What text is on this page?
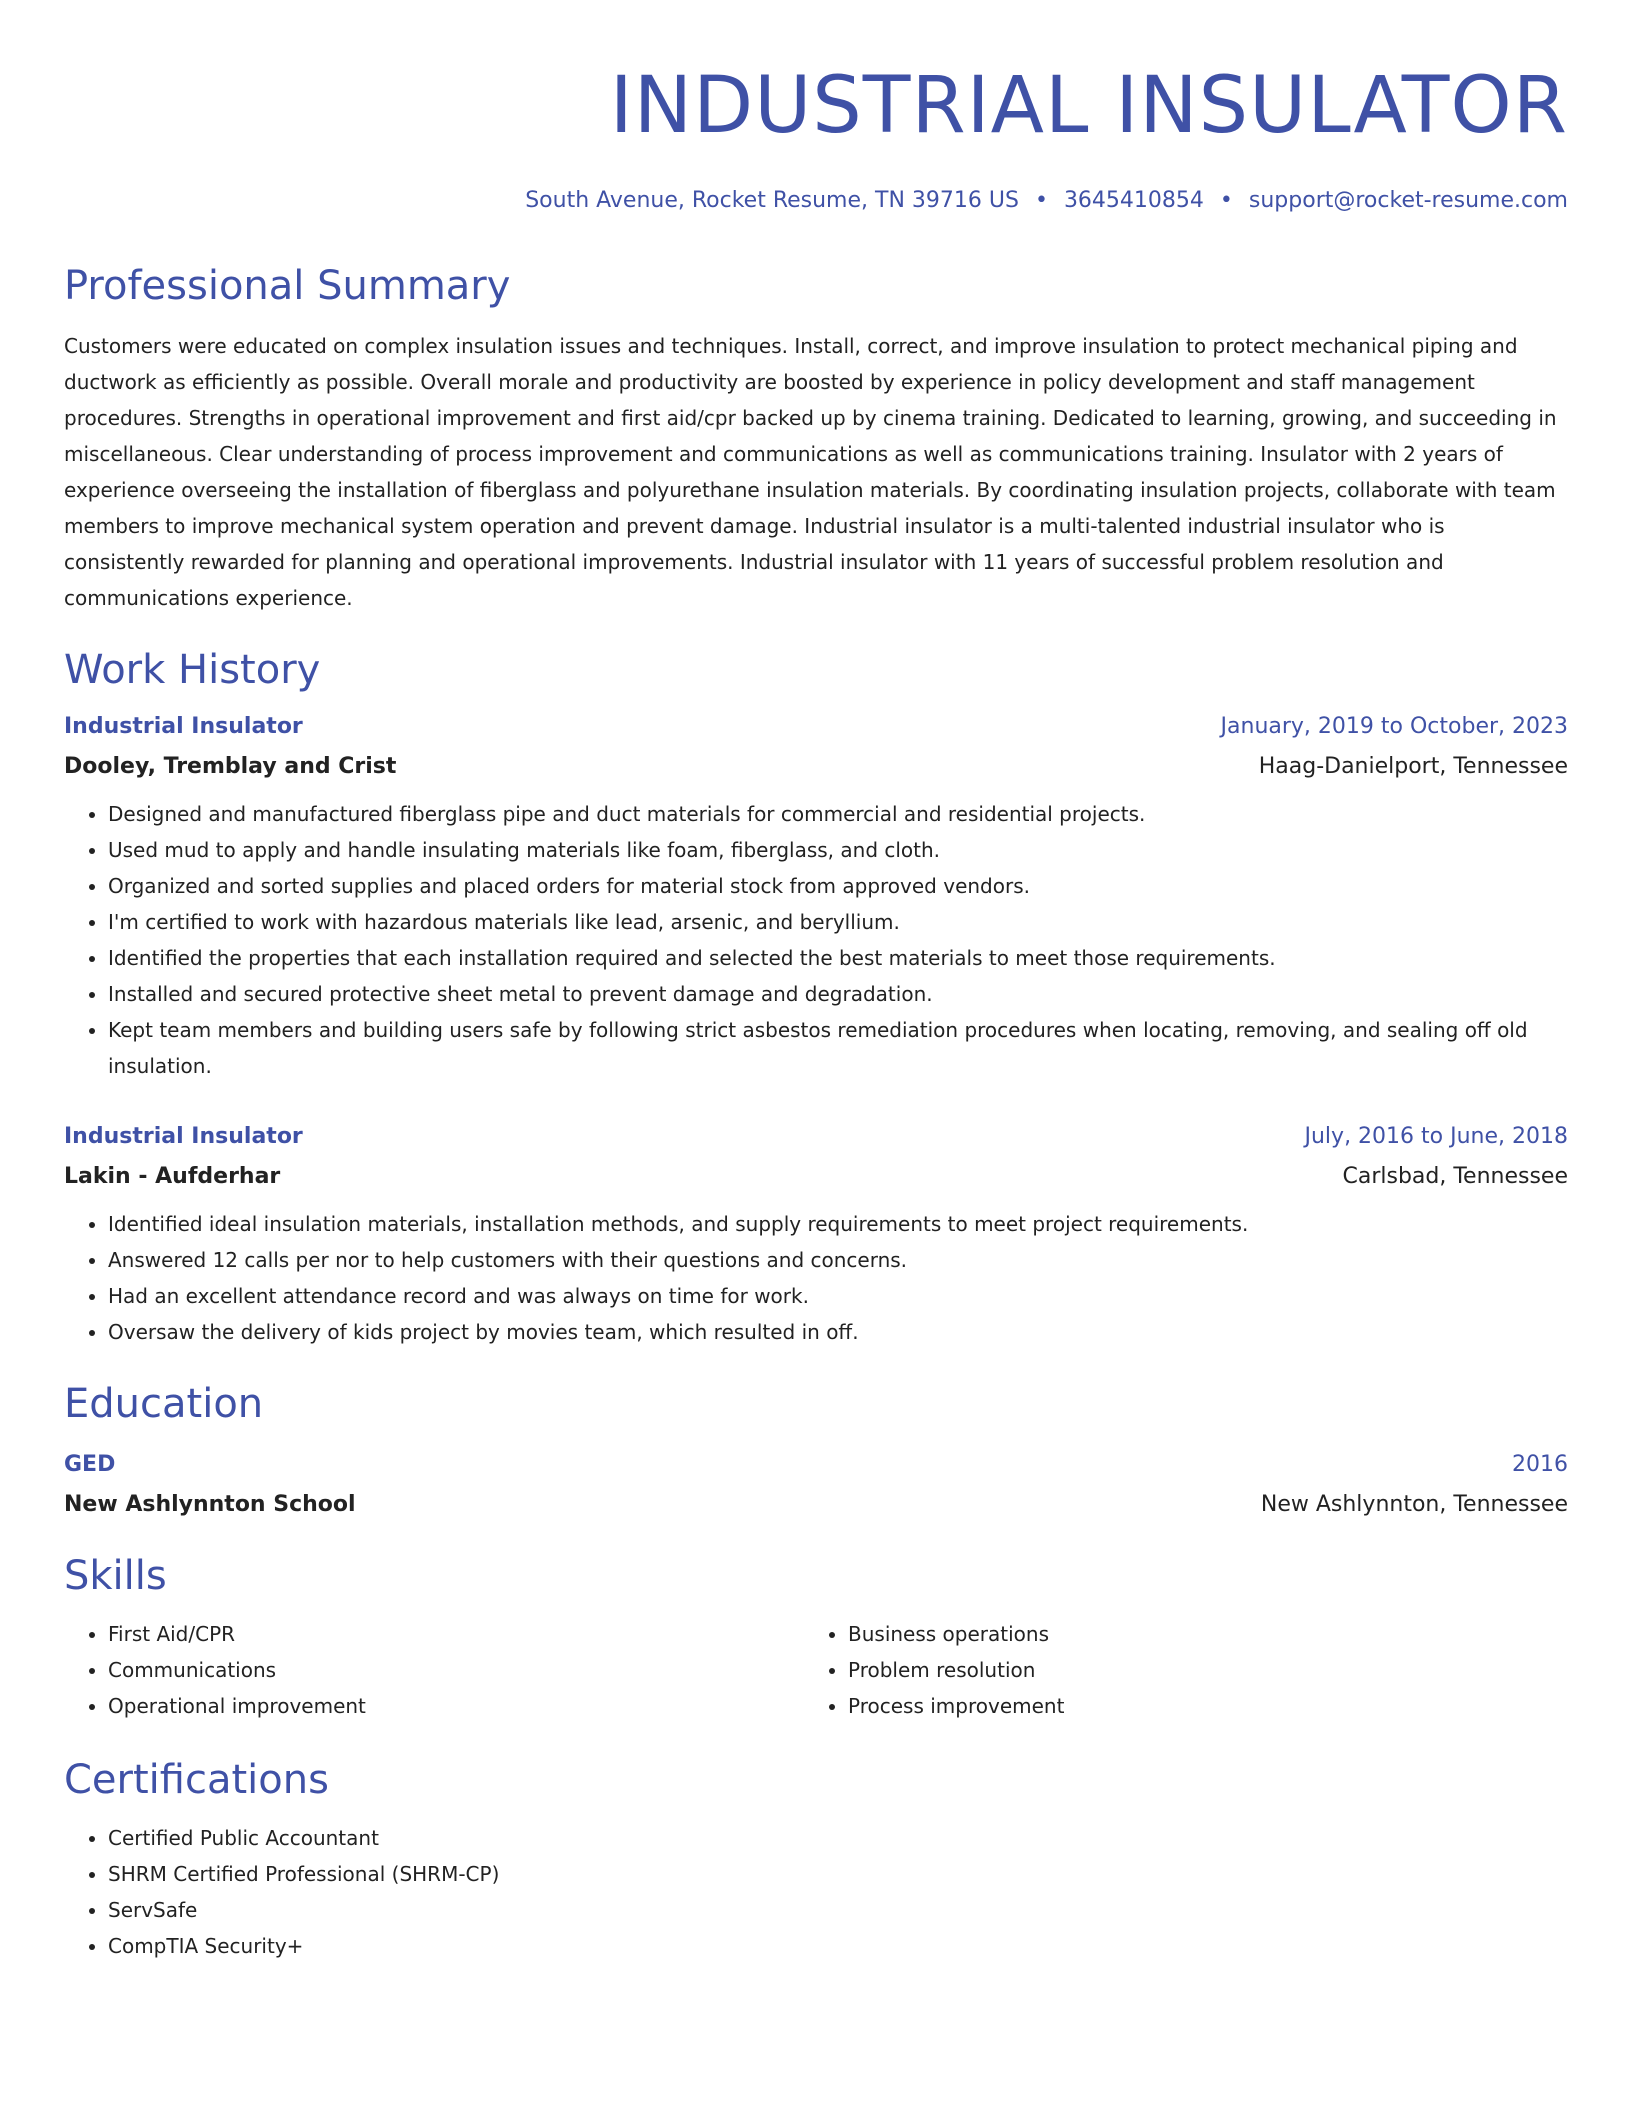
INDUSTRIAL INSULATOR
South Avenue, Rocket Resume, TN 39716 US • 3645410854 • support@rocket-resume.com
Professional Summary

Customers were educated on complex insulation issues and techniques. Install, correct, and improve insulation to protect mechanical piping and ductwork as efficiently as possible. Overall morale and productivity are boosted by experience in policy development and staff management procedures. Strengths in operational improvement and first aid/cpr backed up by cinema training. Dedicated to learning, growing, and succeeding in miscellaneous. Clear understanding of process improvement and communications as well as communications training. Insulator with 2 years of experience overseeing the installation of fiberglass and polyurethane insulation materials. By coordinating insulation projects, collaborate with team members to improve mechanical system operation and prevent damage. Industrial insulator is a multi-talented industrial insulator who is consistently rewarded for planning and operational improvements. Industrial insulator with 11 years of successful problem resolution and communications experience.

Work History
Industrial Insulator	January, 2019 to October, 2023
Dooley, Tremblay and Crist	Haag-Danielport, Tennessee
• Designed and manufactured fiberglass pipe and duct materials for commercial and residential projects.
• Used mud to apply and handle insulating materials like foam, fiberglass, and cloth.
• Organized and sorted supplies and placed orders for material stock from approved vendors.
• I'm certified to work with hazardous materials like lead, arsenic, and beryllium.
• Identified the properties that each installation required and selected the best materials to meet those requirements.
• Installed and secured protective sheet metal to prevent damage and degradation.
• Kept team members and building users safe by following strict asbestos remediation procedures when locating, removing, and sealing off old insulation.
Industrial Insulator	July, 2016 to June, 2018
Lakin - Aufderhar	Carlsbad, Tennessee
• Identified ideal insulation materials, installation methods, and supply requirements to meet project requirements.
• Answered 12 calls per nor to help customers with their questions and concerns.
• Had an excellent attendance record and was always on time for work.
• Oversaw the delivery of kids project by movies team, which resulted in off.
Education
GED	2016
New Ashlynnton School	New Ashlynnton, Tennessee
Skills
• First Aid/CPR
• Communications
• Operational improvement
• Business operations
• Problem resolution
• Process improvement
Certifications
• Certified Public Accountant
• SHRM Certified Professional (SHRM-CP)
• ServSafe
• CompTIA Security+
